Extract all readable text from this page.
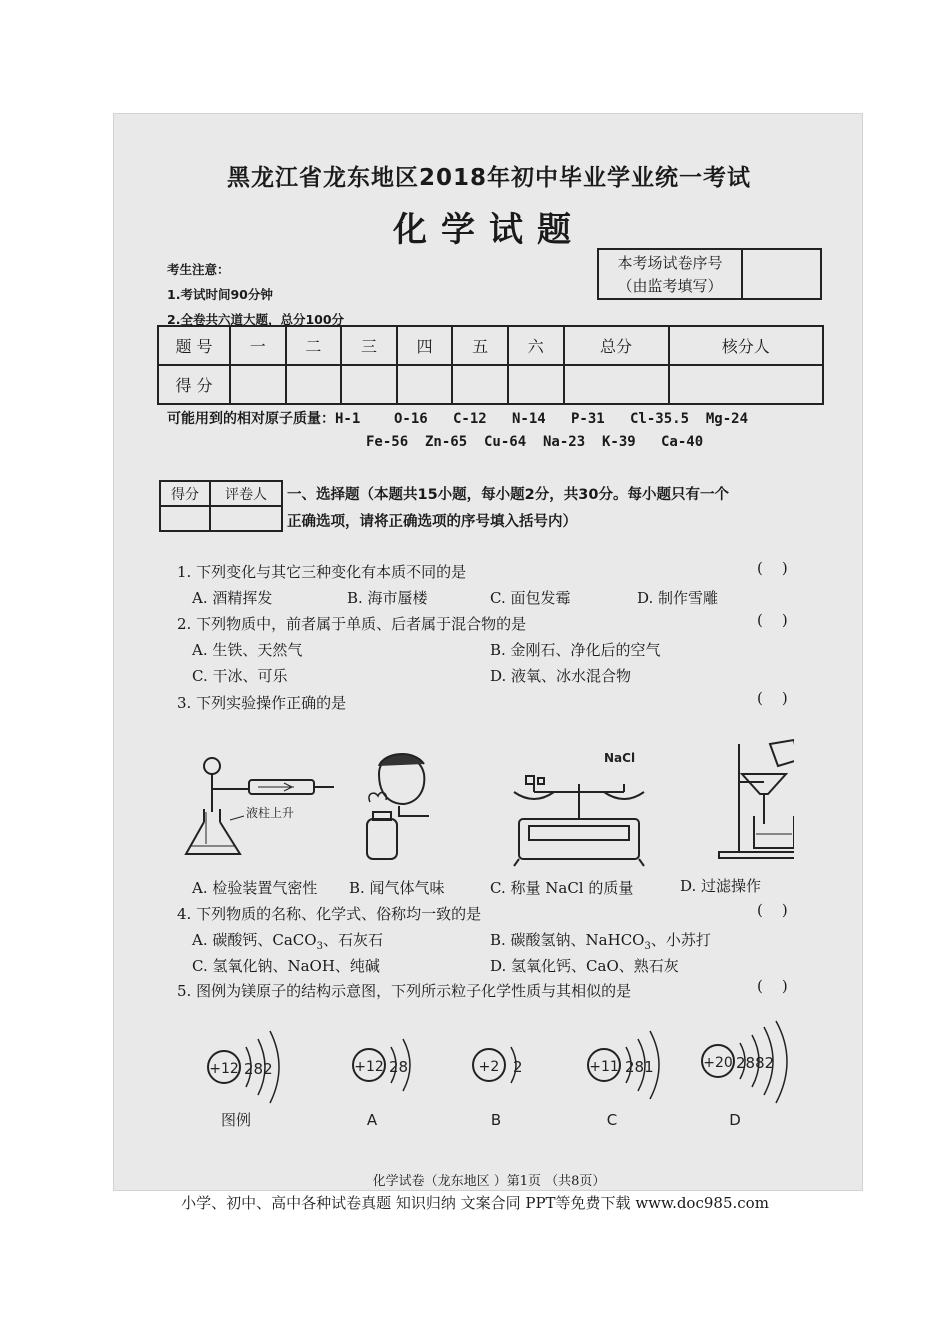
黑龙江省龙东地区2018年初中毕业学业统一考试
化学试题
本考场试卷序号
（由监考填写）
考生注意：
1.考试时间90分钟
2.全卷共六道大题，总分100分
题 号	一	二	三	四	五	六	总分	核分人
得 分								
可能用到的相对原子质量：H-1    O-16   C-12   N-14   P-31   Cl-35.5  Mg-24
Fe-56  Zn-65  Cu-64  Na-23  K-39   Ca-40
得分	评卷人
	一、选择题（本题共15小题，每小题2分，共30分。每小题只有一个
正确选项，请将正确选项的序号填入括号内）
1. 下列变化与其它三种变化有本质不同的是	(    )
A. 酒精挥发	B. 海市蜃楼	C. 面包发霉	D. 制作雪雕
2. 下列物质中，前者属于单质、后者属于混合物的是	(    )
A. 生铁、天然气	B. 金刚石、净化后的空气
C. 干冰、可乐	D. 液氧、冰水混合物
3. 下列实验操作正确的是	(    )
液柱上升
NaCl
A. 检验装置气密性 B. 闻气体气味	C. 称量 NaCl 的质量	D. 过滤操作
4. 下列物质的名称、化学式、俗称均一致的是	(    )
A. 碳酸钙、CaCO$_3$、石灰石	B. 碳酸氢钠、NaHCO$_3$、小苏打
C. 氢氧化钠、NaOH、纯碱	D. 氢氧化钙、CaO、熟石灰
5. 图例为镁原子的结构示意图，下列所示粒子化学性质与其相似的是	(    )
+12 282
图例
+12 28
A
+2 2
B
+11 281
C
+20 2882
D
化学试卷（龙东地区 ）第1页 （共8页）
小学、初中、高中各种试卷真题 知识归纳 文案合同 PPT等免费下载 www.doc985.com
